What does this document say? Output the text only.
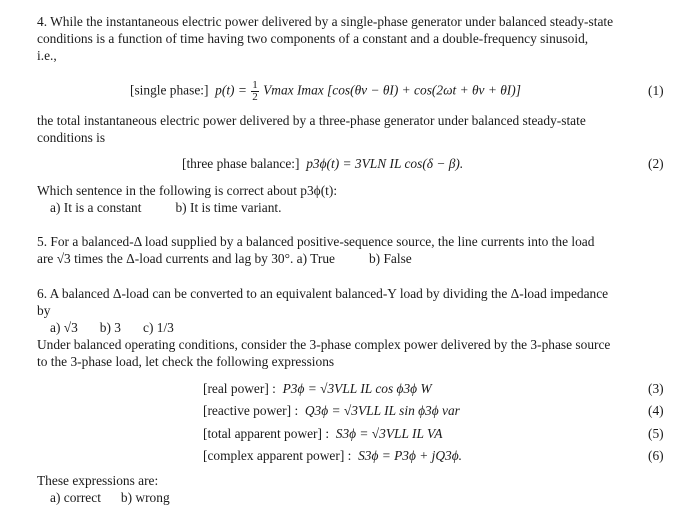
4. While the instantaneous electric power delivered by a single-phase generator under balanced steady-state
conditions is a function of time having two components of a constant and a double-frequency sinusoid,
i.e.,
[single phase:] $p(t) = \frac{1}{2}$ Vmax Imax [cos(θv − θI) + cos(2ωt + θv + θI)]	(1)
the total instantaneous electric power delivered by a three-phase generator under balanced steady-state
conditions is
[three phase balance:] p3ϕ(t) = 3VLN IL cos(δ − β).	(2)
Which sentence in the following is correct about p3ϕ(t):
a) It is a constant	b) It is time variant.
5. For a balanced-Δ load supplied by a balanced positive-sequence source, the line currents into the load
are √3 times the Δ-load currents and lag by 30°. a) True	b) False
6. A balanced Δ-load can be converted to an equivalent balanced-Y load by dividing the Δ-load impedance
by
a) √3 b) 3 c) 1/3
Under balanced operating conditions, consider the 3-phase complex power delivered by the 3-phase source
to the 3-phase load, let check the following expressions
[real power] : P3ϕ = √3VLL IL cos ϕ3ϕ W	(3)
[reactive power] : Q3ϕ = √3VLL IL sin ϕ3ϕ var	(4)
[total apparent power] : S3ϕ = √3VLL IL VA	(5)
[complex apparent power] : S3ϕ = P3ϕ + jQ3ϕ.	(6)
These expressions are:
a) correct b) wrong
